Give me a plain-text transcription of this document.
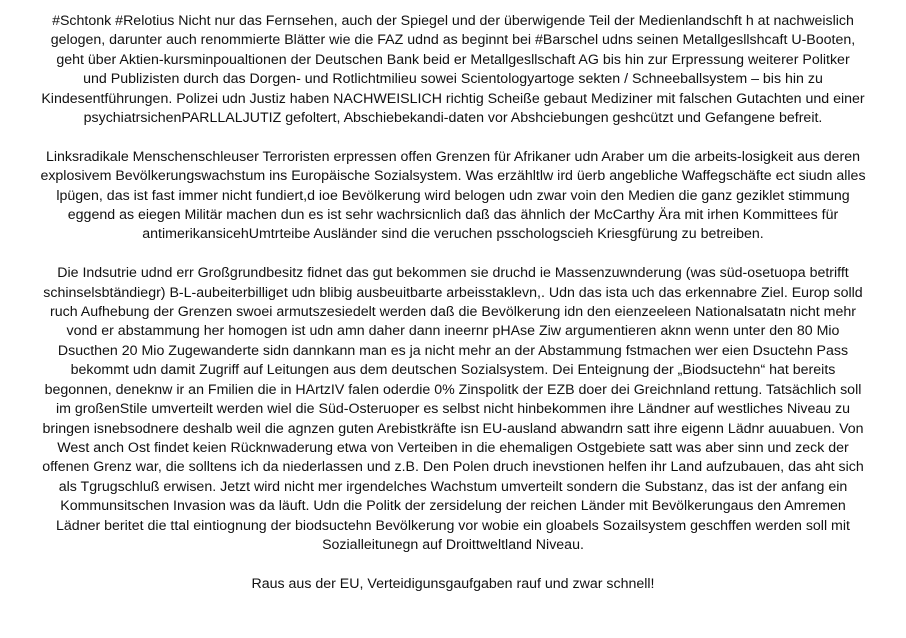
#Schtonk #Relotius Nicht nur das Fernsehen, auch der Spiegel und der überwigende Teil der Medienlandschft h at nachweislich
gelogen, darunter auch renommierte Blätter wie die FAZ udnd as beginnt bei #Barschel udns seinen Metallgesllshcaft U-Booten,
geht über Aktien-kursminpoualtionen der Deutschen Bank beid er Metallgesllschaft AG bis hin zur Erpressung weiterer Politker
und Publizisten durch das Dorgen- und Rotlichtmilieu sowei Scientologyartoge sekten / Schneeballsystem – bis hin zu
Kindesentführungen. Polizei udn Justiz haben NACHWEISLICH richtig Scheiße gebaut Mediziner mit falschen Gutachten und einer
psychiatrsichenPARLLALJUTIZ gefoltert, Abschiebekandi-daten vor Abshciebungen geshcützt und Gefangene befreit.

Linksradikale Menschenschleuser Terroristen erpressen offen Grenzen für Afrikaner udn Araber um die arbeits-losigkeit aus deren
explosivem Bevölkerungswachstum ins Europäische Sozialsystem. Was erzähltlw ird üerb angebliche Waffegschäfte ect siudn alles
lpügen, das ist fast immer nicht fundiert,d ioe Bevölkerung wird belogen udn zwar voin den Medien die ganz geziklet stimmung
eggend as eiegen Militär machen dun es ist sehr wachrsicnlich daß das ähnlich der McCarthy Ära mit irhen Kommittees für
antimerikansicehUmtrteibe Ausländer sind die veruchen psschologscieh Kriesgfürung zu betreiben.

Die Indsutrie udnd err Großgrundbesitz fidnet das gut bekommen sie druchd ie Massenzuwnderung (was süd-osetuopa betrifft
schinselsbtändiegr) B-L-aubeiterbilliget udn blibig ausbeuitbarte arbeisstaklevn,. Udn das ista uch das erkennabre Ziel. Europ solld
ruch Aufhebung der Grenzen swoei armutszesiedelt werden daß die Bevölkerung idn den eienzeeleen Nationalsatatn nicht mehr
vond er abstammung her homogen ist udn amn daher dann ineernr pHAse Ziw argumentieren aknn wenn unter den 80 Mio
Dsucthen 20 Mio Zugewanderte sidn dannkann man es ja nicht mehr an der Abstammung fstmachen wer eien Dsuctehn Pass
bekommt udn damit Zugriff auf Leitungen aus dem deutschen Sozialsystem. Dei Enteignung der „Biodsuctehn“ hat bereits
begonnen, deneknw ir an Fmilien die in HArtzIV falen oderdie 0% Zinspolitk der EZB doer dei Greichnland rettung. Tatsächlich soll
im großenStile umverteilt werden wiel die Süd-Osteruoper es selbst nicht hinbekommen ihre Ländner auf westliches Niveau zu
bringen isnebsodnere deshalb weil die agnzen guten Arebistkräfte isn EU-ausland abwandrn satt ihre eigenn Lädnr auuabuen. Von
West anch Ost findet keien Rücknwaderung etwa von Verteiben in die ehemaligen Ostgebiete satt was aber sinn und zeck der
offenen Grenz war, die solltens ich da niederlassen und z.B. Den Polen druch inevstionen helfen ihr Land aufzubauen, das aht sich
als Tgrugschluß erwisen. Jetzt wird nicht mer irgendelches Wachstum umverteilt sondern die Substanz, das ist der anfang ein
Kommunsitschen Invasion was da läuft. Udn die Politk der zersidelung der reichen Länder mit Bevölkerungaus den Amremen
Lädner beritet die ttal eintiognung der biodsuctehn Bevölkerung vor wobie ein gloabels Sozailsystem geschffen werden soll mit
Sozialleitunegn auf Droittweltland Niveau.

Raus aus der EU, Verteidigunsgaufgaben rauf und zwar schnell!
